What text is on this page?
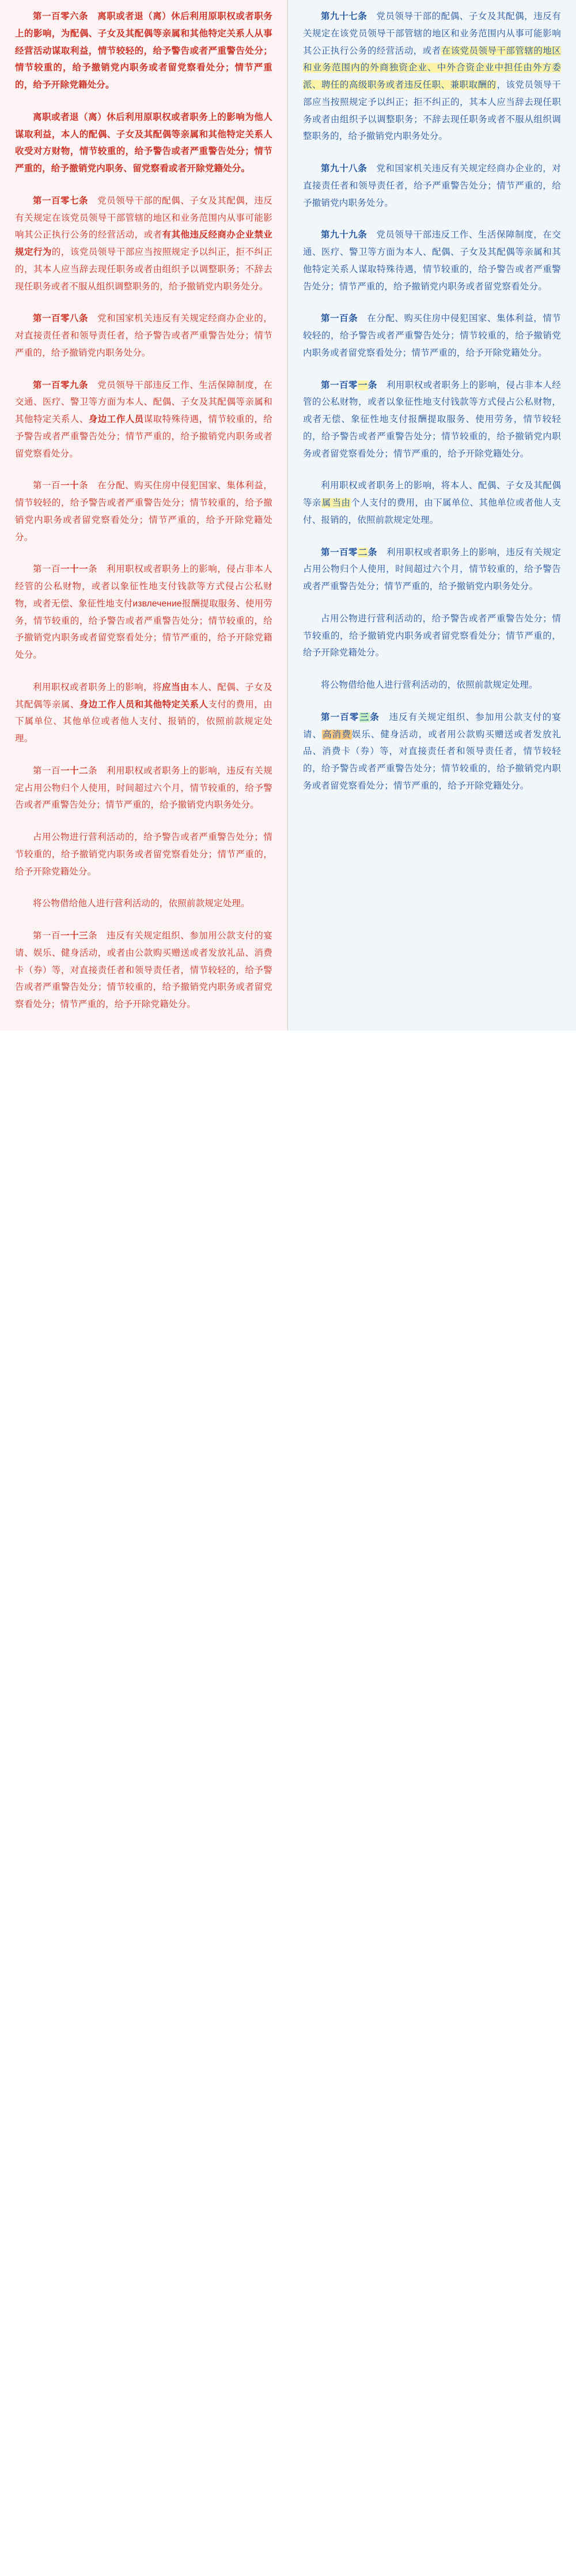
第一百零六条　离职或者退（离）休后利用原职权或者职务上的影响，为配偶、子女及其配偶等亲属和其他特定关系人从事经营活动谋取利益，情节较轻的，给予警告或者严重警告处分；情节较重的，给予撤销党内职务或者留党察看处分；情节严重的，给予开除党籍处分。

离职或者退（离）休后利用原职权或者职务上的影响为他人谋取利益，本人的配偶、子女及其配偶等亲属和其他特定关系人收受对方财物，情节较重的，给予警告或者严重警告处分；情节严重的，给予撤销党内职务、留党察看或者开除党籍处分。

第一百零七条　党员领导干部的配偶、子女及其配偶，违反有关规定在该党员领导干部管辖的地区和业务范围内从事可能影响其公正执行公务的经营活动，或者有其他违反经商办企业禁业规定行为的，该党员领导干部应当按照规定予以纠正，拒不纠正的，其本人应当辞去现任职务或者由组织予以调整职务；不辞去现任职务或者不服从组织调整职务的，给予撤销党内职务处分。

第一百零八条　党和国家机关违反有关规定经商办企业的，对直接责任者和领导责任者，给予警告或者严重警告处分；情节严重的，给予撤销党内职务处分。

第一百零九条　党员领导干部违反工作、生活保障制度，在交通、医疗、警卫等方面为本人、配偶、子女及其配偶等亲属和其他特定关系人、身边工作人员谋取特殊待遇，情节较重的，给予警告或者严重警告处分；情节严重的，给予撤销党内职务或者留党察看处分。

第一百一十条　在分配、购买住房中侵犯国家、集体利益，情节较轻的，给予警告或者严重警告处分；情节较重的，给予撤销党内职务或者留党察看处分；情节严重的，给予开除党籍处分。

第一百一十一条　利用职权或者职务上的影响，侵占非本人经管的公私财物，或者以象征性地支付钱款等方式侵占公私财物，或者无偿、象征性地支付извлечение报酬提取服务、使用劳务，情节较重的，给予警告或者严重警告处分；情节较重的，给予撤销党内职务或者留党察看处分；情节严重的，给予开除党籍处分。

利用职权或者职务上的影响，将应当由本人、配偶、子女及其配偶等亲属、身边工作人员和其他特定关系人支付的费用，由下属单位、其他单位或者他人支付、报销的，依照前款规定处理。

第一百一十二条　利用职权或者职务上的影响，违反有关规定占用公物归个人使用，时间超过六个月，情节较重的，给予警告或者严重警告处分；情节严重的，给予撤销党内职务处分。

占用公物进行营利活动的，给予警告或者严重警告处分；情节较重的，给予撤销党内职务或者留党察看处分；情节严重的，给予开除党籍处分。

将公物借给他人进行营利活动的，依照前款规定处理。

第一百一十三条　违反有关规定组织、参加用公款支付的宴请、娱乐、健身活动，或者由公款购买赠送或者发放礼品、消费卡（券）等，对直接责任者和领导责任者，情节较轻的，给予警告或者严重警告处分；情节较重的，给予撤销党内职务或者留党察看处分；情节严重的，给予开除党籍处分。

第九十七条　党员领导干部的配偶、子女及其配偶，违反有关规定在该党员领导干部管辖的地区和业务范围内从事可能影响其公正执行公务的经营活动，或者在该党员领导干部管辖的地区和业务范围内的外商独资企业、中外合资企业中担任由外方委派、聘任的高级职务或者违反任职、兼职取酬的，该党员领导干部应当按照规定予以纠正；拒不纠正的，其本人应当辞去现任职务或者由组织予以调整职务；不辞去现任职务或者不服从组织调整职务的，给予撤销党内职务处分。

第九十八条　党和国家机关违反有关规定经商办企业的，对直接责任者和领导责任者，给予严重警告处分；情节严重的，给予撤销党内职务处分。

第九十九条　党员领导干部违反工作、生活保障制度，在交通、医疗、警卫等方面为本人、配偶、子女及其配偶等亲属和其他特定关系人谋取特殊待遇，情节较重的，给予警告或者严重警告处分；情节严重的，给予撤销党内职务或者留党察看处分。

第一百条　在分配、购买住房中侵犯国家、集体利益，情节较轻的，给予警告或者严重警告处分；情节较重的，给予撤销党内职务或者留党察看处分；情节严重的，给予开除党籍处分。

第一百零一条　利用职权或者职务上的影响，侵占非本人经管的公私财物，或者以象征性地支付钱款等方式侵占公私财物，或者无偿、象征性地支付报酬提取服务、使用劳务，情节较轻的，给予警告或者严重警告处分；情节较重的，给予撤销党内职务或者留党察看处分；情节严重的，给予开除党籍处分。

利用职权或者职务上的影响，将本人、配偶、子女及其配偶等亲属 当由个人支付的费用，由下属单位、其他单位或者他人支付、报销的，依照前款规定处理。

第一百零二条　利用职权或者职务上的影响，违反有关规定占用公物归个人使用，时间超过六个月，情节较重的，给予警告或者严重警告处分；情节严重的，给予撤销党内职务处分。

占用公物进行营利活动的，给予警告或者严重警告处分；情节较重的，给予撤销党内职务或者留党察看处分；情节严重的，给予开除党籍处分。

将公物借给他人进行营利活动的，依照前款规定处理。

第一百零三条　违反有关规定组织、参加用公款支付的宴请、高消费娱乐、健身活动，或者用公款购买赠送或者发放礼品、消费卡（券）等，对直接责任者和领导责任者，情节较轻的，给予警告或者严重警告处分；情节较重的，给予撤销党内职务或者留党察看处分；情节严重的，给予开除党籍处分。
